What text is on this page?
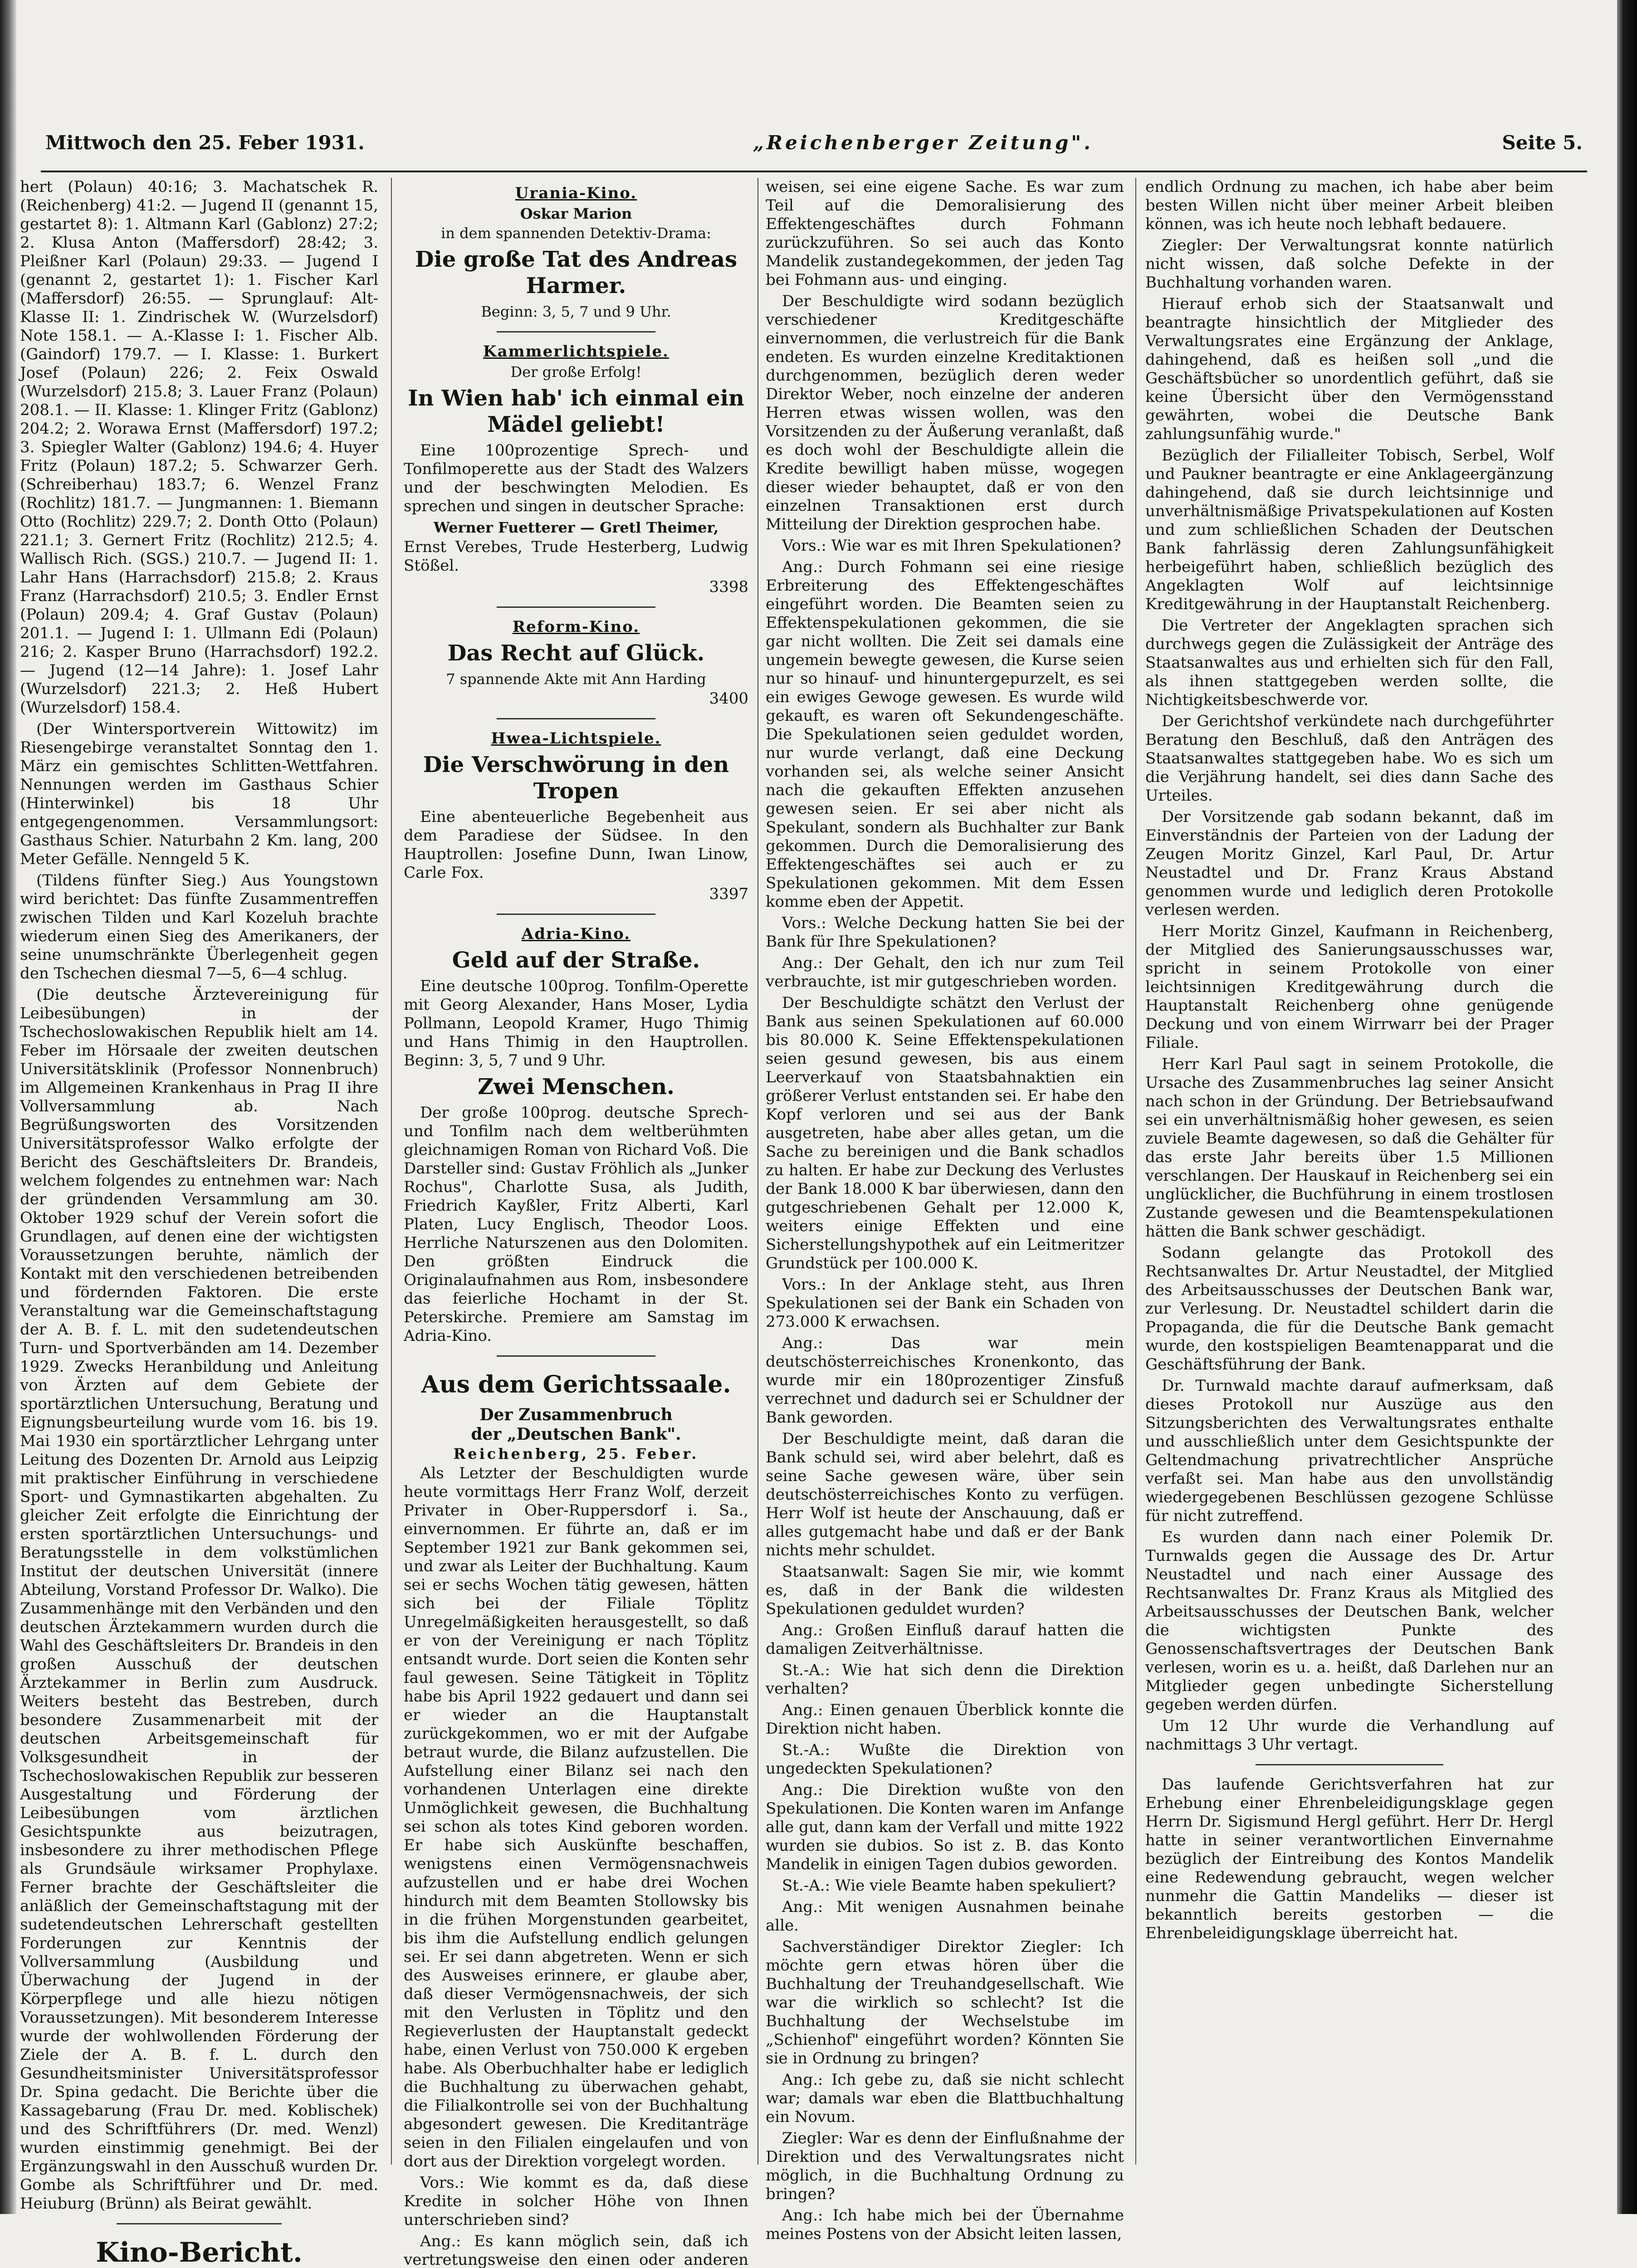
Mittwoch den 25. Feber 1931.	„Reichenberger Zeitung".	Seite 5.

hert (Polaun) 40:16; 3. Machatschek R. (Reichenberg) 41:2. — Jugend II (genannt 15, gestartet 8): 1. Altmann Karl (Gablonz) 27:2; 2. Klusa Anton (Maffersdorf) 28:42; 3. Pleißner Karl (Polaun) 29:33. — Jugend I (genannt 2, gestartet 1): 1. Fischer Karl (Maffersdorf) 26:55. — Sprunglauf: Alt-Klasse II: 1. Zindrischek W. (Wurzelsdorf) Note 158.1. — A.-Klasse I: 1. Fischer Alb. (Gaindorf) 179.7. — I. Klasse: 1. Burkert Josef (Polaun) 226; 2. Feix Oswald (Wurzelsdorf) 215.8; 3. Lauer Franz (Polaun) 208.1. — II. Klasse: 1. Klinger Fritz (Gablonz) 204.2; 2. Worawa Ernst (Maffersdorf) 197.2; 3. Spiegler Walter (Gablonz) 194.6; 4. Huyer Fritz (Polaun) 187.2; 5. Schwarzer Gerh. (Schreiberhau) 183.7; 6. Wenzel Franz (Rochlitz) 181.7. — Jungmannen: 1. Biemann Otto (Rochlitz) 229.7; 2. Donth Otto (Polaun) 221.1; 3. Gernert Fritz (Rochlitz) 212.5; 4. Wallisch Rich. (SGS.) 210.7. — Jugend II: 1. Lahr Hans (Harrachsdorf) 215.8; 2. Kraus Franz (Harrachsdorf) 210.5; 3. Endler Ernst (Polaun) 209.4; 4. Graf Gustav (Polaun) 201.1. — Jugend I: 1. Ullmann Edi (Polaun) 216; 2. Kasper Bruno (Harrachsdorf) 192.2. — Jugend (12—14 Jahre): 1. Josef Lahr (Wurzelsdorf) 221.3; 2. Heß Hubert (Wurzelsdorf) 158.4.

(Der Wintersportverein Wittowitz) im Riesengebirge veranstaltet Sonntag den 1. März ein gemischtes Schlitten-Wettfahren. Nennungen werden im Gasthaus Schier (Hinterwinkel) bis 18 Uhr entgegengenommen. Versammlungsort: Gasthaus Schier. Naturbahn 2 Km. lang, 200 Meter Gefälle. Nenngeld 5 K.

(Tildens fünfter Sieg.) Aus Youngstown wird berichtet: Das fünfte Zusammentreffen zwischen Tilden und Karl Kozeluh brachte wiederum einen Sieg des Amerikaners, der seine unumschränkte Überlegenheit gegen den Tschechen diesmal 7—5, 6—4 schlug.

(Die deutsche Ärztevereinigung für Leibesübungen) in der Tschechoslowakischen Republik hielt am 14. Feber im Hörsaale der zweiten deutschen Universitätsklinik (Professor Nonnenbruch) im Allgemeinen Krankenhaus in Prag II ihre Vollversammlung ab. Nach Begrüßungsworten des Vorsitzenden Universitätsprofessor Walko erfolgte der Bericht des Geschäftsleiters Dr. Brandeis, welchem folgendes zu entnehmen war: Nach der gründenden Versammlung am 30. Oktober 1929 schuf der Verein sofort die Grundlagen, auf denen eine der wichtigsten Voraussetzungen beruhte, nämlich der Kontakt mit den verschiedenen betreibenden und fördernden Faktoren. Die erste Veranstaltung war die Gemeinschaftstagung der A. B. f. L. mit den sudetendeutschen Turn- und Sportverbänden am 14. Dezember 1929. Zwecks Heranbildung und Anleitung von Ärzten auf dem Gebiete der sportärztlichen Untersuchung, Beratung und Eignungsbeurteilung wurde vom 16. bis 19. Mai 1930 ein sportärztlicher Lehrgang unter Leitung des Dozenten Dr. Arnold aus Leipzig mit praktischer Einführung in verschiedene Sport- und Gymnastikarten abgehalten. Zu gleicher Zeit erfolgte die Einrichtung der ersten sportärztlichen Untersuchungs- und Beratungsstelle in dem volkstümlichen Institut der deutschen Universität (innere Abteilung, Vorstand Professor Dr. Walko). Die Zusammenhänge mit den Verbänden und den deutschen Ärztekammern wurden durch die Wahl des Geschäftsleiters Dr. Brandeis in den großen Ausschuß der deutschen Ärztekammer in Berlin zum Ausdruck. Weiters besteht das Bestreben, durch besondere Zusammenarbeit mit der deutschen Arbeitsgemeinschaft für Volksgesundheit in der Tschechoslowakischen Republik zur besseren Ausgestaltung und Förderung der Leibesübungen vom ärztlichen Gesichtspunkte aus beizutragen, insbesondere zu ihrer methodischen Pflege als Grundsäule wirksamer Prophylaxe. Ferner brachte der Geschäftsleiter die anläßlich der Gemeinschaftstagung mit der sudetendeutschen Lehrerschaft gestellten Forderungen zur Kenntnis der Vollversammlung (Ausbildung und Überwachung der Jugend in der Körperpflege und alle hiezu nötigen Voraussetzungen). Mit besonderem Interesse wurde der wohlwollenden Förderung der Ziele der A. B. f. L. durch den Gesundheitsminister Universitätsprofessor Dr. Spina gedacht. Die Berichte über die Kassagebarung (Frau Dr. med. Koblischek) und des Schriftführers (Dr. med. Wenzl) wurden einstimmig genehmigt. Bei der Ergänzungswahl in den Ausschuß wurden Dr. Gombe als Schriftführer und Dr. med. Heiuburg (Brünn) als Beirat gewählt.

Kino-Bericht.

Urania-Kino.
Oskar Marion
in dem spannenden Detektiv-Drama:
Die große Tat des Andreas Harmer.
Beginn: 3, 5, 7 und 9 Uhr.
Kammerlichtspiele.
Der große Erfolg!
In Wien hab' ich einmal ein Mädel geliebt!

Eine 100prozentige Sprech- und Tonfilmoperette aus der Stadt des Walzers und der beschwingten Melodien. Es sprechen und singen in deutscher Sprache:

Werner Fuetterer — Gretl Theimer,

Ernst Verebes, Trude Hesterberg, Ludwig Stößel.

3398
Reform-Kino.
Das Recht auf Glück.
7 spannende Akte mit Ann Harding
3400
Hwea-Lichtspiele.
Die Verschwörung in den Tropen

Eine abenteuerliche Begebenheit aus dem Paradiese der Südsee. In den Hauptrollen: Josefine Dunn, Iwan Linow, Carle Fox.

3397
Adria-Kino.
Geld auf der Straße.

Eine deutsche 100prog. Tonfilm-Operette mit Georg Alexander, Hans Moser, Lydia Pollmann, Leopold Kramer, Hugo Thimig und Hans Thimig in den Hauptrollen. Beginn: 3, 5, 7 und 9 Uhr.

Zwei Menschen.

Der große 100prog. deutsche Sprech- und Tonfilm nach dem weltberühmten gleichnamigen Roman von Richard Voß. Die Darsteller sind: Gustav Fröhlich als „Junker Rochus", Charlotte Susa, als Judith, Friedrich Kayßler, Fritz Alberti, Karl Platen, Lucy Englisch, Theodor Loos. Herrliche Naturszenen aus den Dolomiten. Den größten Eindruck die Originalaufnahmen aus Rom, insbesondere das feierliche Hochamt in der St. Peterskirche. Premiere am Samstag im Adria-Kino.

Aus dem Gerichtssaale.
Der Zusammenbruch
der „Deutschen Bank".
Reichenberg, 25. Feber.

Als Letzter der Beschuldigten wurde heute vormittags Herr Franz Wolf, derzeit Privater in Ober-Ruppersdorf i. Sa., einvernommen. Er führte an, daß er im September 1921 zur Bank gekommen sei, und zwar als Leiter der Buchhaltung. Kaum sei er sechs Wochen tätig gewesen, hätten sich bei der Filiale Töplitz Unregelmäßigkeiten herausgestellt, so daß er von der Vereinigung er nach Töplitz entsandt wurde. Dort seien die Konten sehr faul gewesen. Seine Tätigkeit in Töplitz habe bis April 1922 gedauert und dann sei er wieder an die Hauptanstalt zurückgekommen, wo er mit der Aufgabe betraut wurde, die Bilanz aufzustellen. Die Aufstellung einer Bilanz sei nach den vorhandenen Unterlagen eine direkte Unmöglichkeit gewesen, die Buchhaltung sei schon als totes Kind geboren worden. Er habe sich Auskünfte beschaffen, wenigstens einen Vermögensnachweis aufzustellen und er habe drei Wochen hindurch mit dem Beamten Stollowsky bis in die frühen Morgenstunden gearbeitet, bis ihm die Aufstellung endlich gelungen sei. Er sei dann abgetreten. Wenn er sich des Ausweises erinnere, er glaube aber, daß dieser Vermögensnachweis, der sich mit den Verlusten in Töplitz und den Regieverlusten der Hauptanstalt gedeckt habe, einen Verlust von 750.000 K ergeben habe. Als Oberbuchhalter habe er lediglich die Buchhaltung zu überwachen gehabt, die Filialkontrolle sei von der Buchhaltung abgesondert gewesen. Die Kreditanträge seien in den Filialen eingelaufen und von dort aus der Direktion vorgelegt worden.

Vors.: Wie kommt es da, daß diese Kredite in solcher Höhe von Ihnen unterschrieben sind?

Ang.: Es kann möglich sein, daß ich vertretungsweise den einen oder anderen

weisen, sei eine eigene Sache. Es war zum Teil auf die Demoralisierung des Effektengeschäftes durch Fohmann zurückzuführen. So sei auch das Konto Mandelik zustandegekommen, der jeden Tag bei Fohmann aus- und einging.

Der Beschuldigte wird sodann bezüglich verschiedener Kreditgeschäfte einvernommen, die verlustreich für die Bank endeten. Es wurden einzelne Kreditaktionen durchgenommen, bezüglich deren weder Direktor Weber, noch einzelne der anderen Herren etwas wissen wollen, was den Vorsitzenden zu der Äußerung veranlaßt, daß es doch wohl der Beschuldigte allein die Kredite bewilligt haben müsse, wogegen dieser wieder behauptet, daß er von den einzelnen Transaktionen erst durch Mitteilung der Direktion gesprochen habe.

Vors.: Wie war es mit Ihren Spekulationen?

Ang.: Durch Fohmann sei eine riesige Erbreiterung des Effektengeschäftes eingeführt worden. Die Beamten seien zu Effektenspekulationen gekommen, die sie gar nicht wollten. Die Zeit sei damals eine ungemein bewegte gewesen, die Kurse seien nur so hinauf- und hinuntergepurzelt, es sei ein ewiges Gewoge gewesen. Es wurde wild gekauft, es waren oft Sekundengeschäfte. Die Spekulationen seien geduldet worden, nur wurde verlangt, daß eine Deckung vorhanden sei, als welche seiner Ansicht nach die gekauften Effekten anzusehen gewesen seien. Er sei aber nicht als Spekulant, sondern als Buchhalter zur Bank gekommen. Durch die Demoralisierung des Effektengeschäftes sei auch er zu Spekulationen gekommen. Mit dem Essen komme eben der Appetit.

Vors.: Welche Deckung hatten Sie bei der Bank für Ihre Spekulationen?

Ang.: Der Gehalt, den ich nur zum Teil verbrauchte, ist mir gutgeschrieben worden.

Der Beschuldigte schätzt den Verlust der Bank aus seinen Spekulationen auf 60.000 bis 80.000 K. Seine Effektenspekulationen seien gesund gewesen, bis aus einem Leerverkauf von Staatsbahnaktien ein größerer Verlust entstanden sei. Er habe den Kopf verloren und sei aus der Bank ausgetreten, habe aber alles getan, um die Sache zu bereinigen und die Bank schadlos zu halten. Er habe zur Deckung des Verlustes der Bank 18.000 K bar überwiesen, dann den gutgeschriebenen Gehalt per 12.000 K, weiters einige Effekten und eine Sicherstellungshypothek auf ein Leitmeritzer Grundstück per 100.000 K.

Vors.: In der Anklage steht, aus Ihren Spekulationen sei der Bank ein Schaden von 273.000 K erwachsen.

Ang.: Das war mein deutschösterreichisches Kronenkonto, das wurde mir ein 180prozentiger Zinsfuß verrechnet und dadurch sei er Schuldner der Bank geworden.

Der Beschuldigte meint, daß daran die Bank schuld sei, wird aber belehrt, daß es seine Sache gewesen wäre, über sein deutschösterreichisches Konto zu verfügen. Herr Wolf ist heute der Anschauung, daß er alles gutgemacht habe und daß er der Bank nichts mehr schuldet.

Staatsanwalt: Sagen Sie mir, wie kommt es, daß in der Bank die wildesten Spekulationen geduldet wurden?

Ang.: Großen Einfluß darauf hatten die damaligen Zeitverhältnisse.

St.-A.: Wie hat sich denn die Direktion verhalten?

Ang.: Einen genauen Überblick konnte die Direktion nicht haben.

St.-A.: Wußte die Direktion von ungedeckten Spekulationen?

Ang.: Die Direktion wußte von den Spekulationen. Die Konten waren im Anfange alle gut, dann kam der Verfall und mitte 1922 wurden sie dubios. So ist z. B. das Konto Mandelik in einigen Tagen dubios geworden.

St.-A.: Wie viele Beamte haben spekuliert?

Ang.: Mit wenigen Ausnahmen beinahe alle.

Sachverständiger Direktor Ziegler: Ich möchte gern etwas hören über die Buchhaltung der Treuhandgesellschaft. Wie war die wirklich so schlecht? Ist die Buchhaltung der Wechselstube im „Schienhof" eingeführt worden? Könnten Sie sie in Ordnung zu bringen?

Ang.: Ich gebe zu, daß sie nicht schlecht war; damals war eben die Blattbuchhaltung ein Novum.

Ziegler: War es denn der Einflußnahme der Direktion und des Verwaltungsrates nicht möglich, in die Buchhaltung Ordnung zu bringen?

Ang.: Ich habe mich bei der Übernahme meines Postens von der Absicht leiten lassen,

endlich Ordnung zu machen, ich habe aber beim besten Willen nicht über meiner Arbeit bleiben können, was ich heute noch lebhaft bedauere.

Ziegler: Der Verwaltungsrat konnte natürlich nicht wissen, daß solche Defekte in der Buchhaltung vorhanden waren.

Hierauf erhob sich der Staatsanwalt und beantragte hinsichtlich der Mitglieder des Verwaltungsrates eine Ergänzung der Anklage, dahingehend, daß es heißen soll „und die Geschäftsbücher so unordentlich geführt, daß sie keine Übersicht über den Vermögensstand gewährten, wobei die Deutsche Bank zahlungsunfähig wurde."

Bezüglich der Filialleiter Tobisch, Serbel, Wolf und Paukner beantragte er eine Anklageergänzung dahingehend, daß sie durch leichtsinnige und unverhältnismäßige Privatspekulationen auf Kosten und zum schließlichen Schaden der Deutschen Bank fahrlässig deren Zahlungsunfähigkeit herbeigeführt haben, schließlich bezüglich des Angeklagten Wolf auf leichtsinnige Kreditgewährung in der Hauptanstalt Reichenberg.

Die Vertreter der Angeklagten sprachen sich durchwegs gegen die Zulässigkeit der Anträge des Staatsanwaltes aus und erhielten sich für den Fall, als ihnen stattgegeben werden sollte, die Nichtigkeitsbeschwerde vor.

Der Gerichtshof verkündete nach durchgeführter Beratung den Beschluß, daß den Anträgen des Staatsanwaltes stattgegeben habe. Wo es sich um die Verjährung handelt, sei dies dann Sache des Urteiles.

Der Vorsitzende gab sodann bekannt, daß im Einverständnis der Parteien von der Ladung der Zeugen Moritz Ginzel, Karl Paul, Dr. Artur Neustadtel und Dr. Franz Kraus Abstand genommen wurde und lediglich deren Protokolle verlesen werden.

Herr Moritz Ginzel, Kaufmann in Reichenberg, der Mitglied des Sanierungsausschusses war, spricht in seinem Protokolle von einer leichtsinnigen Kreditgewährung durch die Hauptanstalt Reichenberg ohne genügende Deckung und von einem Wirrwarr bei der Prager Filiale.

Herr Karl Paul sagt in seinem Protokolle, die Ursache des Zusammenbruches lag seiner Ansicht nach schon in der Gründung. Der Betriebsaufwand sei ein unverhältnismäßig hoher gewesen, es seien zuviele Beamte dagewesen, so daß die Gehälter für das erste Jahr bereits über 1.5 Millionen verschlangen. Der Hauskauf in Reichenberg sei ein unglücklicher, die Buchführung in einem trostlosen Zustande gewesen und die Beamtenspekulationen hätten die Bank schwer geschädigt.

Sodann gelangte das Protokoll des Rechtsanwaltes Dr. Artur Neustadtel, der Mitglied des Arbeitsausschusses der Deutschen Bank war, zur Verlesung. Dr. Neustadtel schildert darin die Propaganda, die für die Deutsche Bank gemacht wurde, den kostspieligen Beamtenapparat und die Geschäftsführung der Bank.

Dr. Turnwald machte darauf aufmerksam, daß dieses Protokoll nur Auszüge aus den Sitzungsberichten des Verwaltungsrates enthalte und ausschließlich unter dem Gesichtspunkte der Geltendmachung privatrechtlicher Ansprüche verfaßt sei. Man habe aus den unvollständig wiedergegebenen Beschlüssen gezogene Schlüsse für nicht zutreffend.

Es wurden dann nach einer Polemik Dr. Turnwalds gegen die Aussage des Dr. Artur Neustadtel und nach einer Aussage des Rechtsanwaltes Dr. Franz Kraus als Mitglied des Arbeitsausschusses der Deutschen Bank, welcher die wichtigsten Punkte des Genossenschaftsvertrages der Deutschen Bank verlesen, worin es u. a. heißt, daß Darlehen nur an Mitglieder gegen unbedingte Sicherstellung gegeben werden dürfen.

Um 12 Uhr wurde die Verhandlung auf nachmittags 3 Uhr vertagt.

Das laufende Gerichtsverfahren hat zur Erhebung einer Ehrenbeleidigungsklage gegen Herrn Dr. Sigismund Hergl geführt. Herr Dr. Hergl hatte in seiner verantwortlichen Einvernahme bezüglich der Eintreibung des Kontos Mandelik eine Redewendung gebraucht, wegen welcher nunmehr die Gattin Mandeliks — dieser ist bekanntlich bereits gestorben — die Ehrenbeleidigungsklage überreicht hat.
